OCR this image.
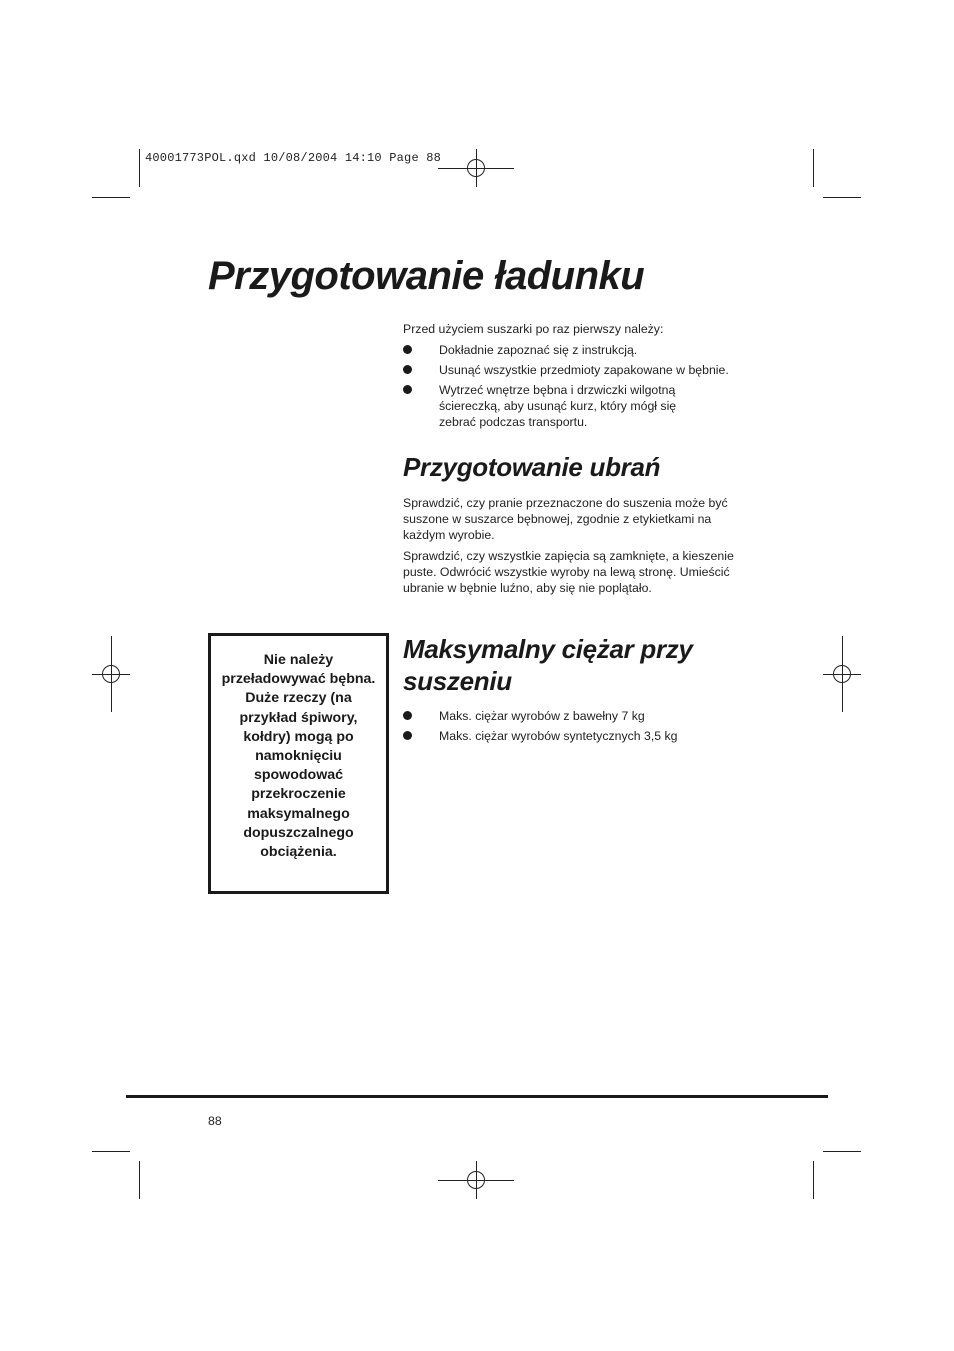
40001773POL.qxd 10/08/2004 14:10 Page 88
Przygotowanie ładunku

Przed użyciem suszarki po raz pierwszy należy:

Dokładnie zapoznać się z instrukcją.
Usunąć wszystkie przedmioty zapakowane w bębnie.
Wytrzeć wnętrze bębna i drzwiczki wilgotną ściereczką, aby usunąć kurz, który mógł się zebrać podczas transportu.
Przygotowanie ubrań

Sprawdzić, czy pranie przeznaczone do suszenia może być suszone w suszarce bębnowej, zgodnie z etykietkami na każdym wyrobie.

Sprawdzić, czy wszystkie zapięcia są zamknięte, a kieszenie puste. Odwrócić wszystkie wyroby na lewą stronę. Umieścić ubranie w bębnie luźno, aby się nie poplątało.

Nie należy przeładowywać bębna. Duże rzeczy (na przykład śpiwory, kołdry) mogą po namoknięciu spowodować przekroczenie maksymalnego dopuszczalnego obciążenia.
Maksymalny ciężar przy suszeniu
Maks. ciężar wyrobów z bawełny 7 kg
Maks. ciężar wyrobów syntetycznych 3,5 kg
88
